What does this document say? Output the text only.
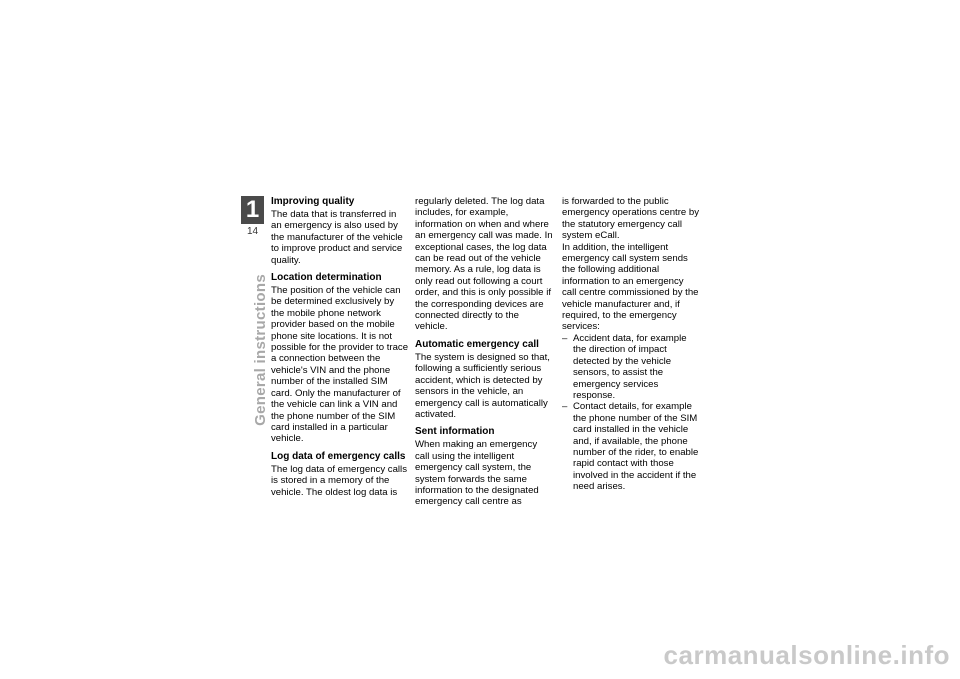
1
14
General instructions
Improving quality

The data that is transferred in an emergency is also used by the manufacturer of the vehicle to improve product and service quality.

Location determination

The position of the vehicle can be determined exclusively by the mobile phone network provider based on the mobile phone site locations. It is not possible for the provider to trace a connection between the vehicle's VIN and the phone number of the installed SIM card. Only the manufacturer of the vehicle can link a VIN and the phone number of the SIM card installed in a particular vehicle.

Log data of emergency calls

The log data of emergency calls is stored in a memory of the vehicle. The oldest log data is

regularly deleted. The log data includes, for example, information on when and where an emergency call was made. In exceptional cases, the log data can be read out of the vehicle memory. As a rule, log data is only read out following a court order, and this is only possible if the corresponding devices are connected directly to the vehicle.

Automatic emergency call

The system is designed so that, following a sufficiently serious accident, which is detected by sensors in the vehicle, an emergency call is automatically activated.

Sent information

When making an emergency call using the intelligent emergency call system, the system forwards the same information to the designated emergency call centre as

is forwarded to the public emergency operations centre by the statutory emergency call system eCall.

In addition, the intelligent emergency call system sends the following additional information to an emergency call centre commissioned by the vehicle manufacturer and, if required, to the emergency services:

– Accident data, for example the direction of impact detected by the vehicle sensors, to assist the emergency services response.
– Contact details, for example the phone number of the SIM card installed in the vehicle and, if available, the phone number of the rider, to enable rapid contact with those involved in the accident if the need arises.
carmanualsonline.info
